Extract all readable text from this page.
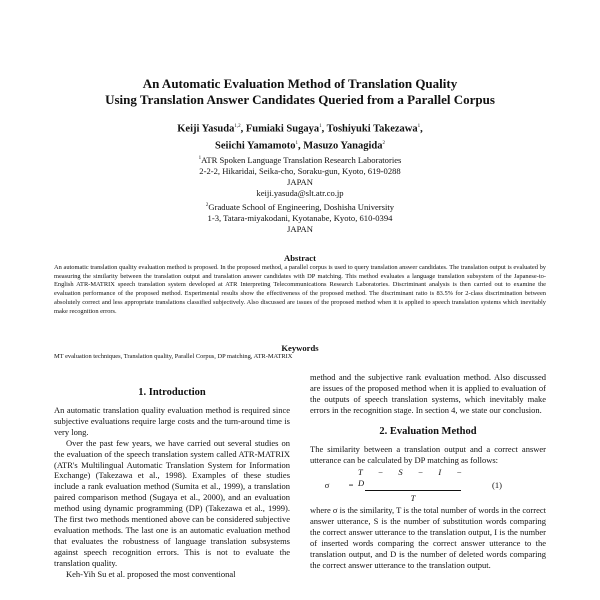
An Automatic Evaluation Method of Translation Quality
Using Translation Answer Candidates Queried from a Parallel Corpus
Keiji Yasuda$^{1,2}$, Fumiaki Sugaya$^1$, Toshiyuki Takezawa$^1$,
Seiichi Yamamoto$^1$, Masuzo Yanagida$^2$
$^1$ATR Spoken Language Translation Research Laboratories
2-2-2, Hikaridai, Seika-cho, Soraku-gun, Kyoto, 619-0288
JAPAN
keiji.yasuda@slt.atr.co.jp
$^2$Graduate School of Engineering, Doshisha University
1-3, Tatara-miyakodani, Kyotanabe, Kyoto, 610-0394
JAPAN
Abstract
An automatic translation quality evaluation method is proposed. In the proposed method, a parallel corpus is used to query translation answer candidates. The translation output is evaluated by measuring the similarity between the translation output and translation answer candidates with DP matching. This method evaluates a language translation subsystem of the Japanese-to-English ATR-MATRIX speech translation system developed at ATR Interpreting Telecommunications Research Laboratories. Discriminant analysis is then carried out to examine the evaluation performance of the proposed method. Experimental results show the effectiveness of the proposed method. The discriminant ratio is 83.5% for 2-class discrimination between absolutely correct and less appropriate translations classified subjectively. Also discussed are issues of the proposed method when it is applied to speech translation systems which inevitably make recognition errors.
Keywords
MT evaluation techniques, Translation quality, Parallel Corpus, DP matching, ATR-MATRIX
1. Introduction
An automatic translation quality evaluation method is required since subjective evaluations require large costs and the turn-around time is very long.
Over the past few years, we have carried out several studies on the evaluation of the speech translation system called ATR-MATRIX (ATR's Multilingual Automatic Translation System for Information Exchange) (Takezawa et al., 1998). Examples of these studies include a rank evaluation method (Sumita et al., 1999), a translation paired comparison method (Sugaya et al., 2000), and an evaluation method using dynamic programming (DP) (Takezawa et al., 1999). The first two methods mentioned above can be considered subjective evaluation methods. The last one is an automatic evaluation method that evaluates the robustness of language translation subsystems against speech recognition errors. This is not to evaluate the translation quality.
Keh-Yih Su et al. proposed the most conventional
method and the subjective rank evaluation method. Also discussed are issues of the proposed method when it is applied to evaluation of the outputs of speech translation systems, which inevitably make errors in the recognition stage. In section 4, we state our conclusion.
2. Evaluation Method
The similarity between a translation output and a correct answer utterance can be calculated by DP matching as follows:
σ	= $\frac{T - S - I - D}{T}$	(1)
where σ is the similarity, T is the total number of words in the correct answer utterance, S is the number of substitution words comparing the correct answer utterance to the translation output, I is the number of inserted words comparing the correct answer utterance to the translation output, and D is the number of deleted words comparing the correct answer utterance to the translation output.
